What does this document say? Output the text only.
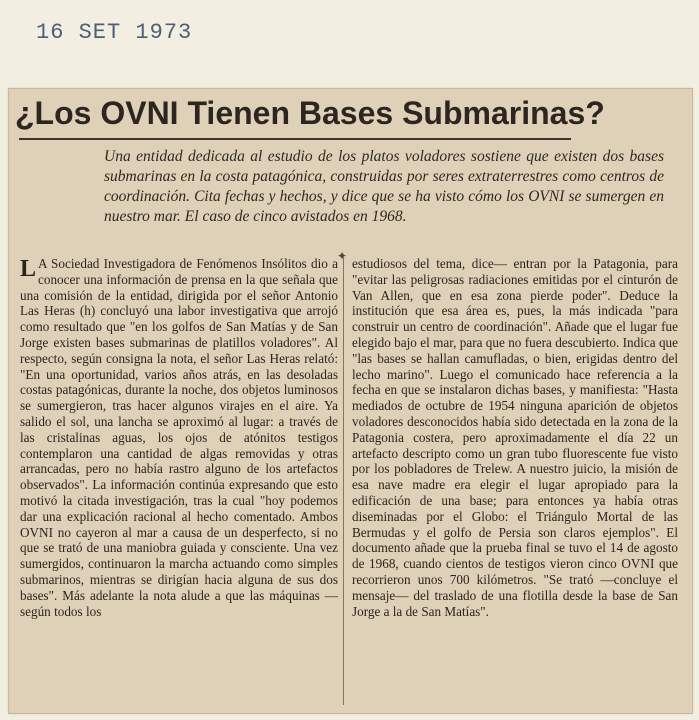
16 SET 1973
¿Los OVNI Tienen Bases Submarinas?
Una entidad dedicada al estudio de los platos voladores sostiene que existen dos bases submarinas en la costa patagónica, construidas por seres extraterrestres como centros de coordinación. Cita fechas y hechos, y dice que se ha visto cómo los OVNI se sumergen en nuestro mar. El caso de cinco avistados en 1968.
✦
L A Sociedad Investigadora de Fenómenos Insólitos dio a conocer una información de prensa en la que señala que una comisión de la entidad, dirigida por el señor Antonio Las Heras (h) concluyó una labor investigativa que arrojó como resultado que "en los golfos de San Matías y de San Jorge existen bases submarinas de platillos voladores". Al respecto, según consigna la nota, el señor Las Heras relató: "En una oportunidad, varios años atrás, en las desoladas costas patagónicas, durante la noche, dos objetos luminosos se sumergieron, tras hacer algunos virajes en el aire. Ya salido el sol, una lancha se aproximó al lugar: a través de las cristalinas aguas, los ojos de atónitos testigos contemplaron una cantidad de algas removidas y otras arrancadas, pero no había rastro alguno de los artefactos observados". La información continúa expresando que esto motivó la citada investigación, tras la cual "hoy podemos dar una explicación racional al hecho comentado. Ambos OVNI no cayeron al mar a causa de un desperfecto, si no que se trató de una maniobra guiada y consciente. Una vez sumergidos, continuaron la marcha actuando como simples submarinos, mientras se dirigían hacia alguna de sus dos bases". Más adelante la nota alude a que las máquinas —según todos los
estudiosos del tema, dice— entran por la Patagonia, para "evitar las peligrosas radiaciones emitidas por el cinturón de Van Allen, que en esa zona pierde poder". Deduce la institución que esa área es, pues, la más indicada "para construir un centro de coordinación". Añade que el lugar fue elegido bajo el mar, para que no fuera descubierto. Indica que "las bases se hallan camufladas, o bien, erigidas dentro del lecho marino". Luego el comunicado hace referencia a la fecha en que se instalaron dichas bases, y manifiesta: "Hasta mediados de octubre de 1954 ninguna aparición de objetos voladores desconocidos había sido detectada en la zona de la Patagonia costera, pero aproximadamente el día 22 un artefacto descripto como un gran tubo fluorescente fue visto por los pobladores de Trelew. A nuestro juicio, la misión de esa nave madre era elegir el lugar apropiado para la edificación de una base; para entonces ya había otras diseminadas por el Globo: el Triángulo Mortal de las Bermudas y el golfo de Persia son claros ejemplos". El documento añade que la prueba final se tuvo el 14 de agosto de 1968, cuando cientos de testigos vieron cinco OVNI que recorrieron unos 700 kilómetros. "Se trató —concluye el mensaje— del traslado de una flotilla desde la base de San Jorge a la de San Matías".
